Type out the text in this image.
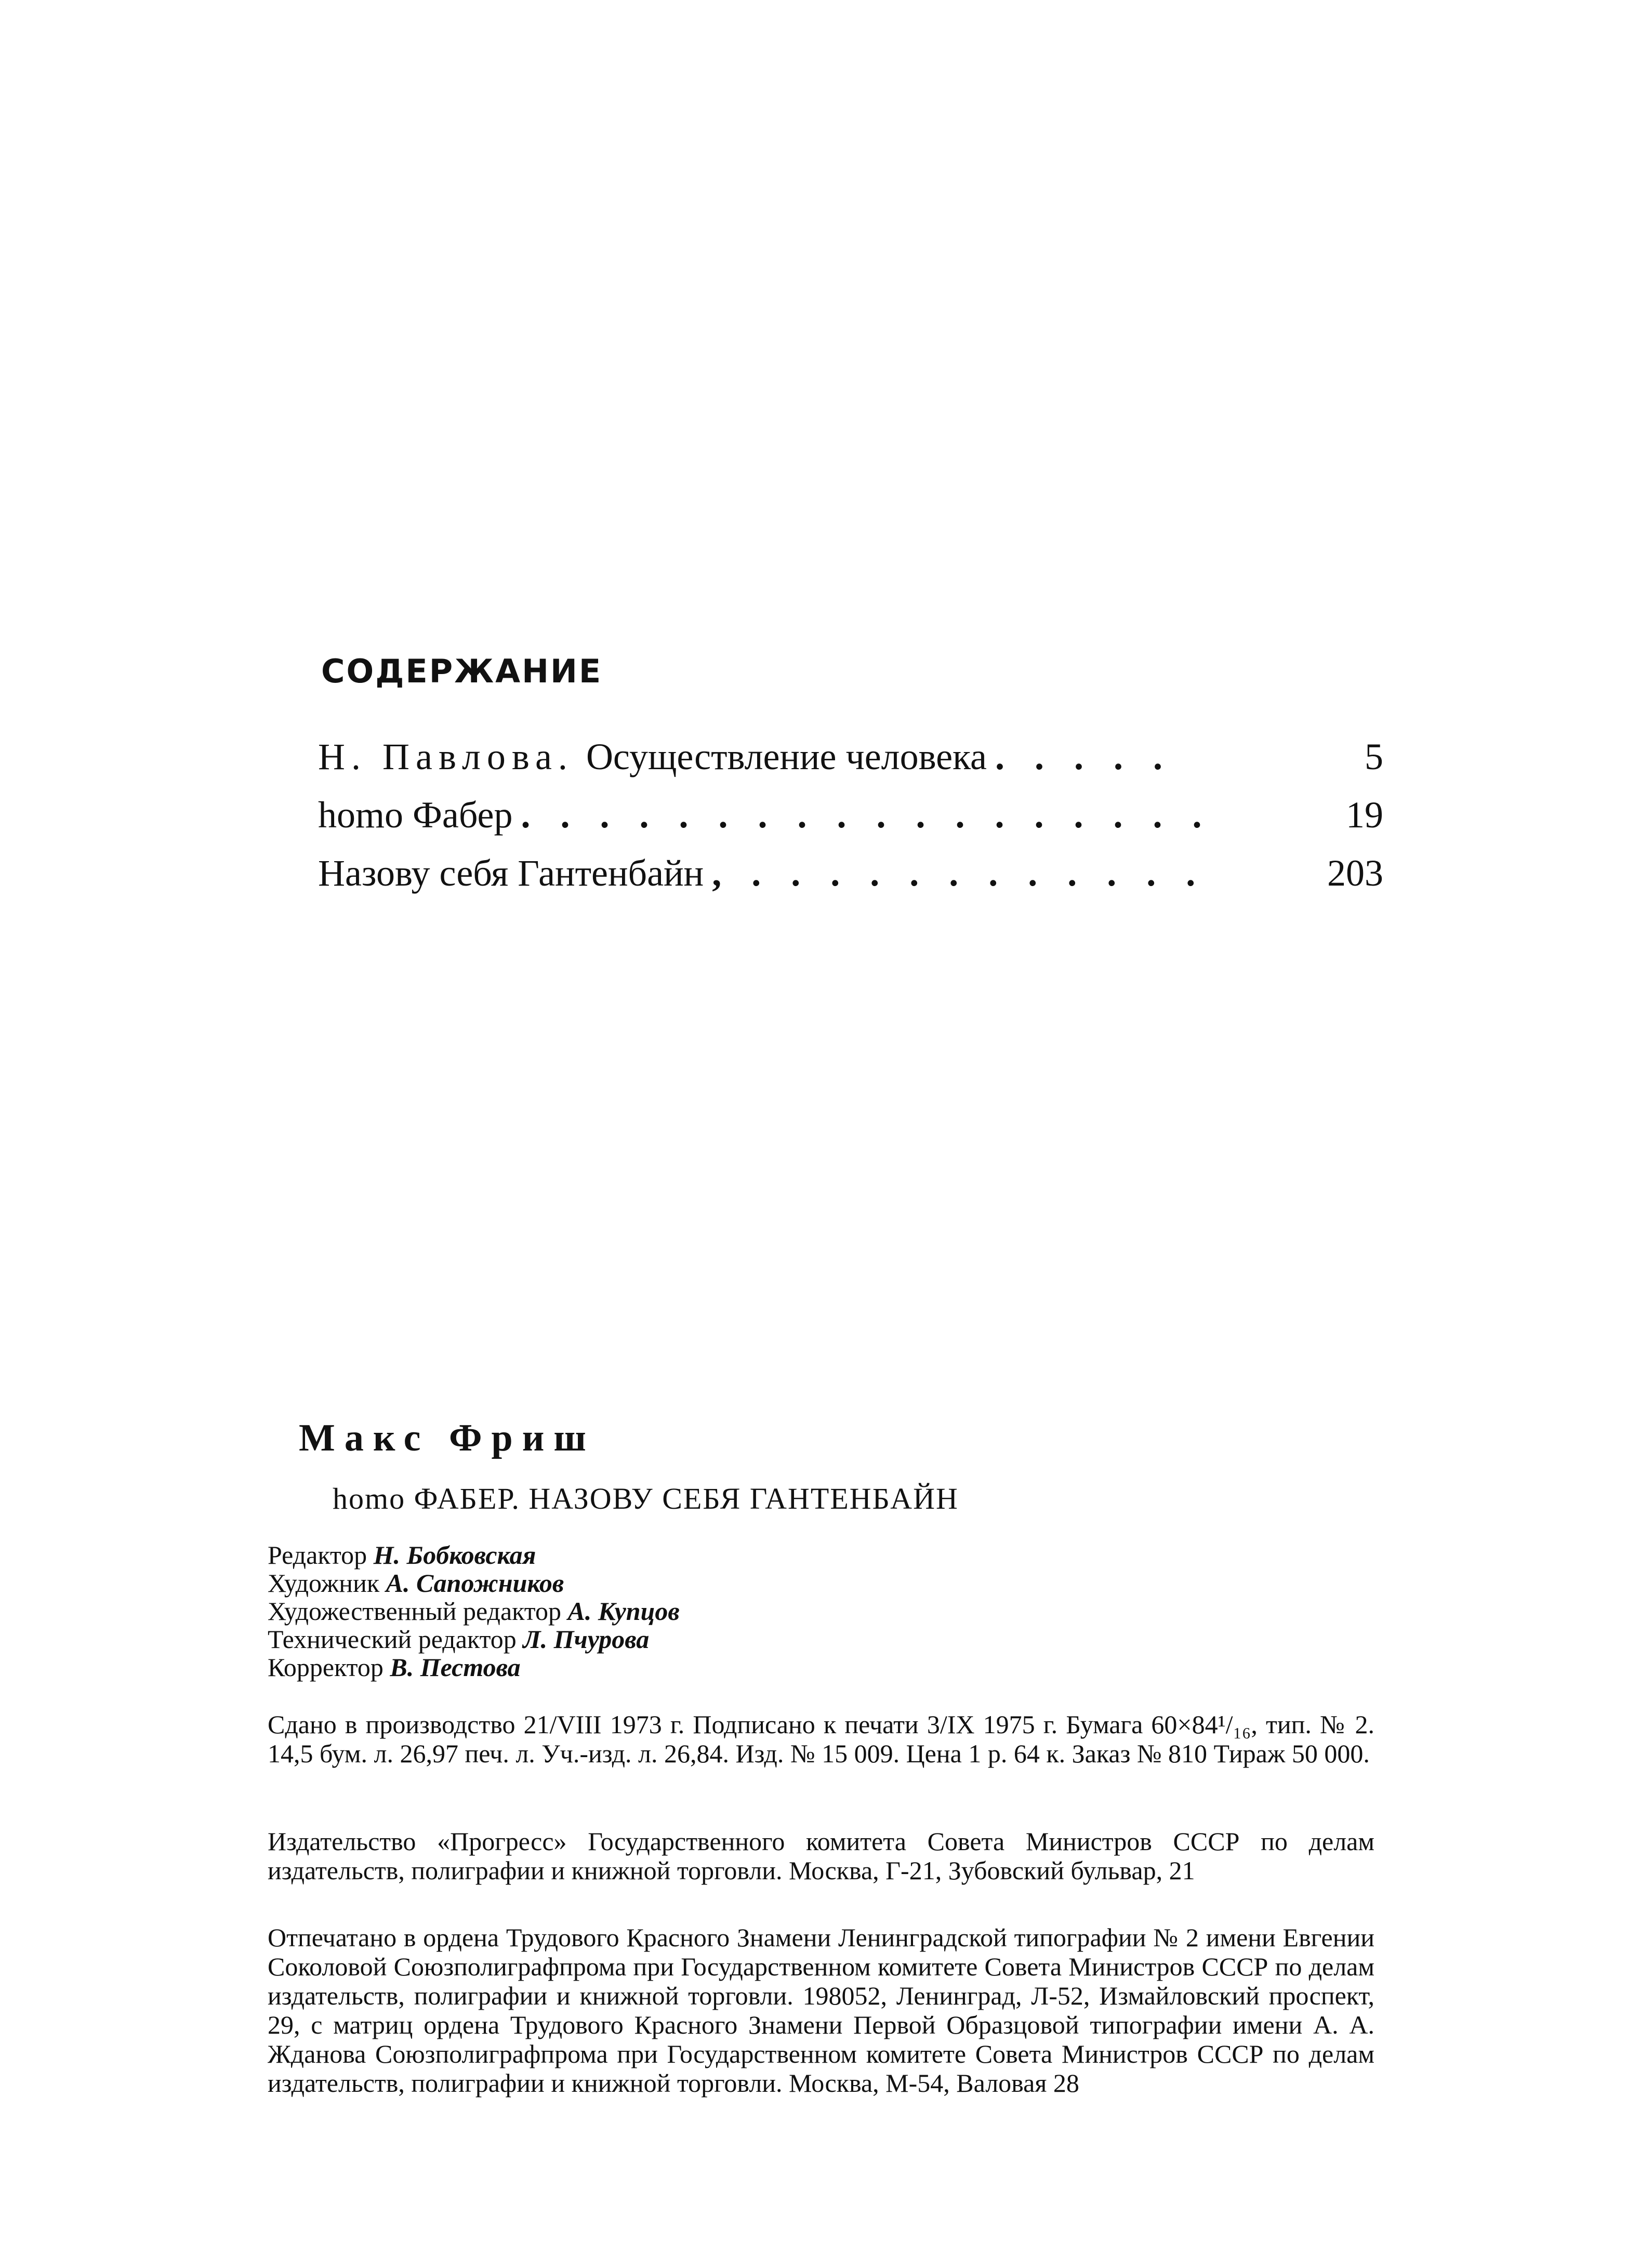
СОДЕРЖАНИЕ
Н. Павлова. Осуществление человека . . . . .	5
homo Фабер . . . . . . . . . . . . . . . . . .	19
Назову себя Гантенбайн , . . . . . . . . . . . .	203
Макс Фриш
homo ФАБЕР. НАЗОВУ СЕБЯ ГАНТЕНБАЙН
Редактор Н. Бобковская
Художник А. Сапожников
Художественный редактор А. Купцов
Технический редактор Л. Пчурова
Корректор В. Пестова
Сдано в производство 21/VIII 1973 г. Подписано к печати 3/IX 1975 г. Бумага 60×84¹/₁₆, тип. № 2. 14,5 бум. л. 26,97 печ. л. Уч.-изд. л. 26,84. Изд. № 15 009. Цена 1 р. 64 к. Заказ № 810 Тираж 50 000.
Издательство «Прогресс» Государственного комитета Совета Министров СССР по делам издательств, полиграфии и книжной торговли. Москва, Г-21, Зубовский бульвар, 21
Отпечатано в ордена Трудового Красного Знамени Ленинградской типографии № 2 имени Евгении Соколовой Союзполиграфпрома при Государственном комитете Совета Министров СССР по делам издательств, полиграфии и книжной торговли. 198052, Ленинград, Л-52, Измайловский проспект, 29, с матриц ордена Трудового Красного Знамени Первой Образцовой типографии имени А. А. Жданова Союзполиграфпрома при Государственном комитете Совета Министров СССР по делам издательств, полиграфии и книжной торговли. Москва, М-54, Валовая 28
